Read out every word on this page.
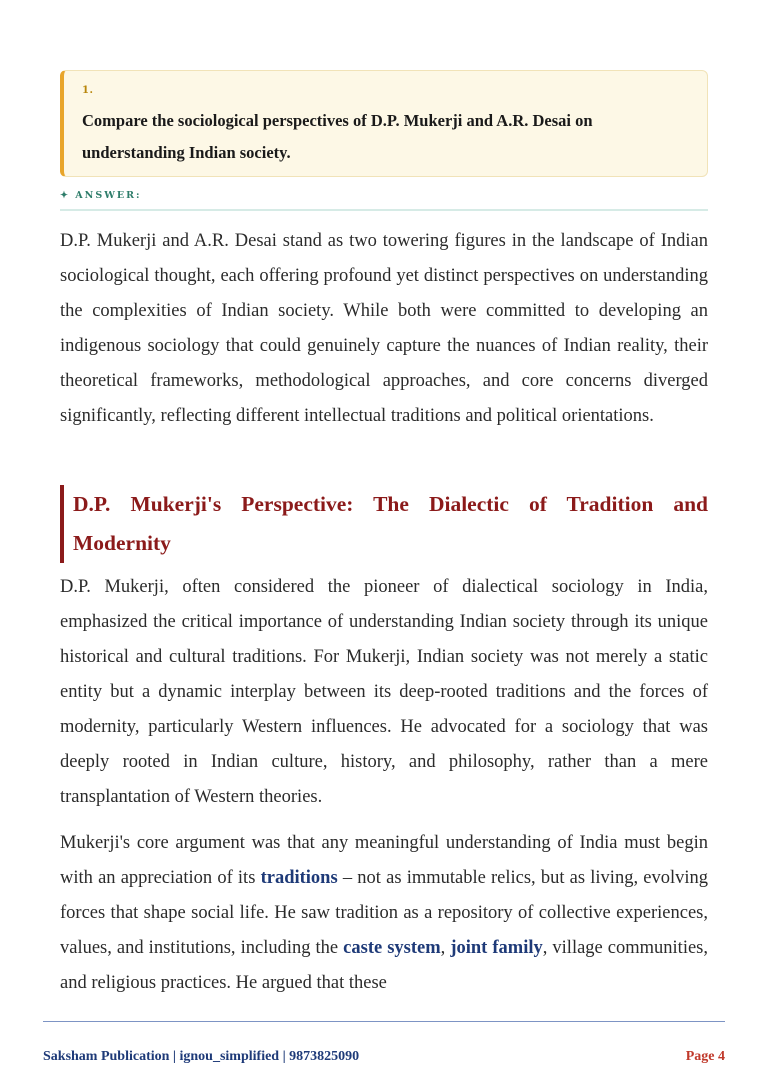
1.
Compare the sociological perspectives of D.P. Mukerji and A.R. Desai on understanding Indian society.
✦ ANSWER:

D.P. Mukerji and A.R. Desai stand as two towering figures in the landscape of Indian sociological thought, each offering profound yet distinct perspectives on understanding the complexities of Indian society. While both were committed to developing an indigenous sociology that could genuinely capture the nuances of Indian reality, their theoretical frameworks, methodological approaches, and core concerns diverged significantly, reflecting different intellectual traditions and political orientations.

D.P. Mukerji's Perspective: The Dialectic of Tradition and Modernity

D.P. Mukerji, often considered the pioneer of dialectical sociology in India, emphasized the critical importance of understanding Indian society through its unique historical and cultural traditions. For Mukerji, Indian society was not merely a static entity but a dynamic interplay between its deep-rooted traditions and the forces of modernity, particularly Western influences. He advocated for a sociology that was deeply rooted in Indian culture, history, and philosophy, rather than a mere transplantation of Western theories.

Mukerji's core argument was that any meaningful understanding of India must begin with an appreciation of its traditions – not as immutable relics, but as living, evolving forces that shape social life. He saw tradition as a repository of collective experiences, values, and institutions, including the caste system, joint family, village communities, and religious practices. He argued that these

Saksham Publication | ignou_simplified | 9873825090	Page 4
